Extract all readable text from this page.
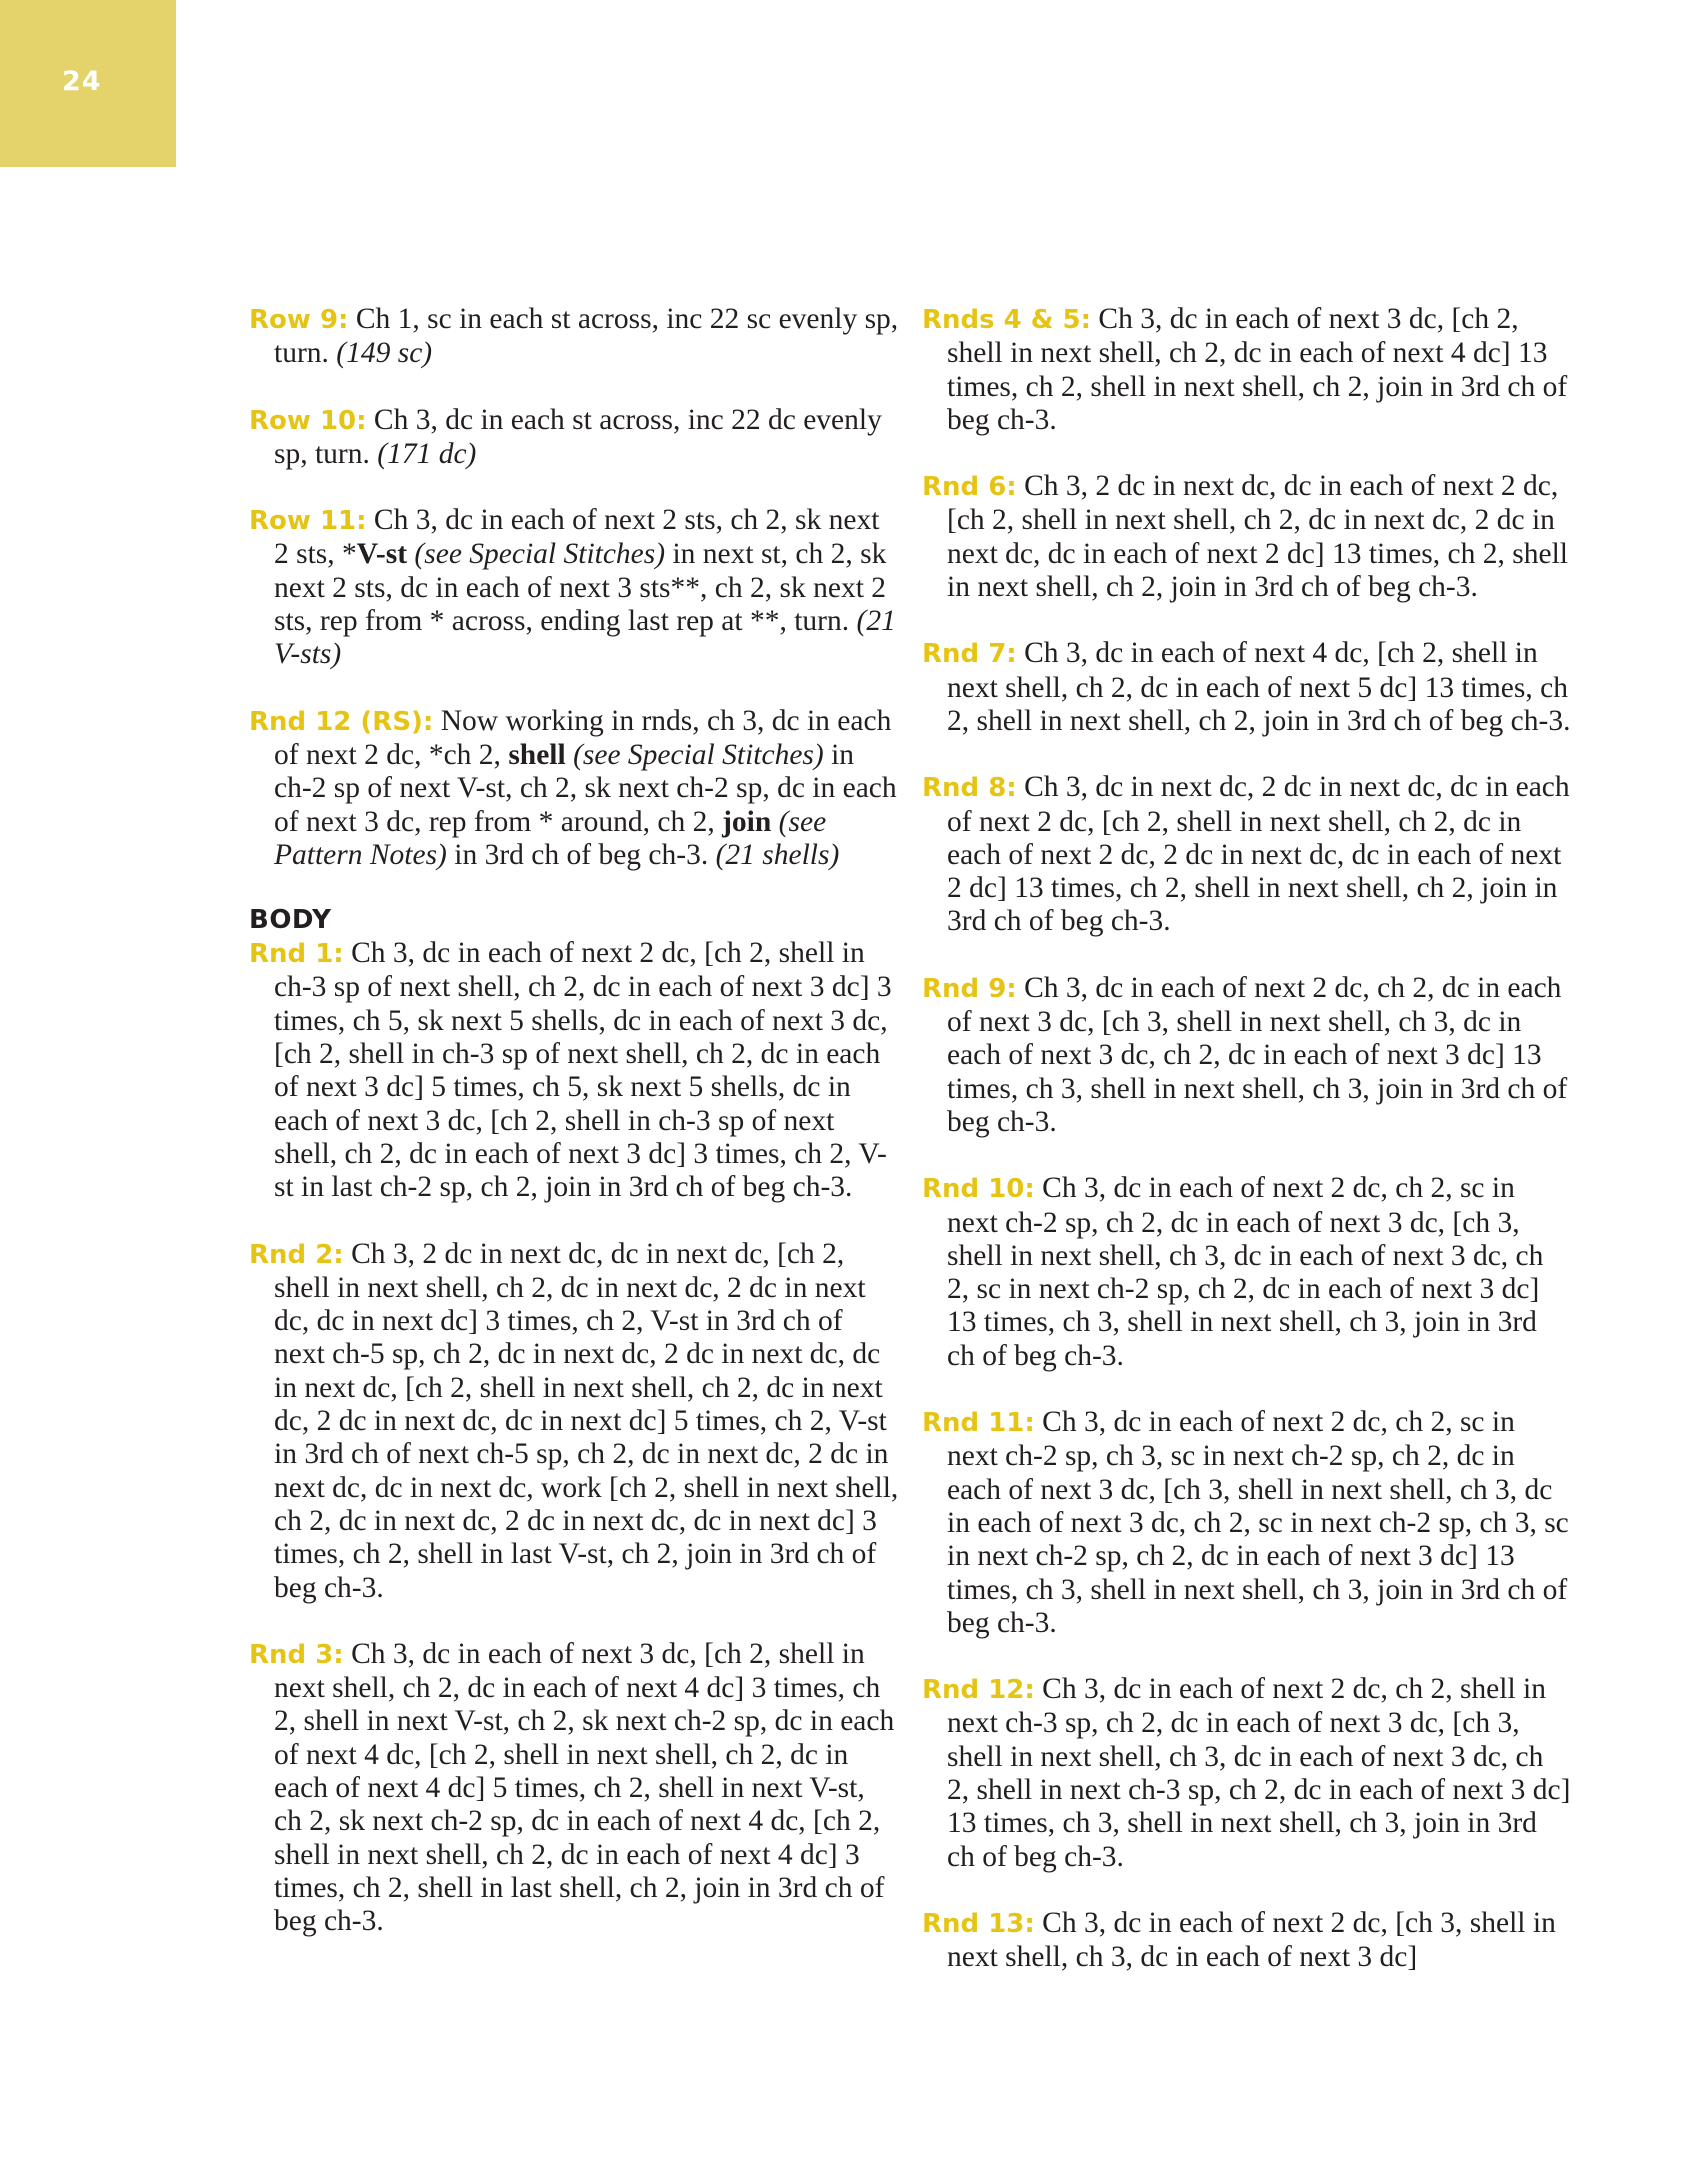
24

Row 9: Ch 1, sc in each st across, inc 22 sc evenly sp, turn. (149 sc)

Row 10: Ch 3, dc in each st across, inc 22 dc evenly sp, turn. (171 dc)

Row 11: Ch 3, dc in each of next 2 sts, ch 2, sk next 2 sts, *V-st (see Special Stitches) in next st, ch 2, sk next 2 sts, dc in each of next 3 sts**, ch 2, sk next 2 sts, rep from * across, ending last rep at **, turn. (21 V-sts)

Rnd 12 (RS): Now working in rnds, ch 3, dc in each of next 2 dc, *ch 2, shell (see Special Stitches) in ch-2 sp of next V-st, ch 2, sk next ch-2 sp, dc in each of next 3 dc, rep from * around, ch 2, join (see Pattern Notes) in 3rd ch of beg ch-3. (21 shells)

BODY

Rnd 1: Ch 3, dc in each of next 2 dc, [ch 2, shell in ch-3 sp of next shell, ch 2, dc in each of next 3 dc] 3 times, ch 5, sk next 5 shells, dc in each of next 3 dc, [ch 2, shell in ch-3 sp of next shell, ch 2, dc in each of next 3 dc] 5 times, ch 5, sk next 5 shells, dc in each of next 3 dc, [ch 2, shell in ch-3 sp of next shell, ch 2, dc in each of next 3 dc] 3 times, ch 2, V-st in last ch-2 sp, ch 2, join in 3rd ch of beg ch-3.

Rnd 2: Ch 3, 2 dc in next dc, dc in next dc, [ch 2, shell in next shell, ch 2, dc in next dc, 2 dc in next dc, dc in next dc] 3 times, ch 2, V-st in 3rd ch of next ch-5 sp, ch 2, dc in next dc, 2 dc in next dc, dc in next dc, [ch 2, shell in next shell, ch 2, dc in next dc, 2 dc in next dc, dc in next dc] 5 times, ch 2, V-st in 3rd ch of next ch-5 sp, ch 2, dc in next dc, 2 dc in next dc, dc in next dc, work [ch 2, shell in next shell, ch 2, dc in next dc, 2 dc in next dc, dc in next dc] 3 times, ch 2, shell in last V-st, ch 2, join in 3rd ch of beg ch-3.

Rnd 3: Ch 3, dc in each of next 3 dc, [ch 2, shell in next shell, ch 2, dc in each of next 4 dc] 3 times, ch 2, shell in next V-st, ch 2, sk next ch-2 sp, dc in each of next 4 dc, [ch 2, shell in next shell, ch 2, dc in each of next 4 dc] 5 times, ch 2, shell in next V-st, ch 2, sk next ch-2 sp, dc in each of next 4 dc, [ch 2, shell in next shell, ch 2, dc in each of next 4 dc] 3 times, ch 2, shell in last shell, ch 2, join in 3rd ch of beg ch-3.

Rnds 4 & 5: Ch 3, dc in each of next 3 dc, [ch 2, shell in next shell, ch 2, dc in each of next 4 dc] 13 times, ch 2, shell in next shell, ch 2, join in 3rd ch of beg ch-3.

Rnd 6: Ch 3, 2 dc in next dc, dc in each of next 2 dc, [ch 2, shell in next shell, ch 2, dc in next dc, 2 dc in next dc, dc in each of next 2 dc] 13 times, ch 2, shell in next shell, ch 2, join in 3rd ch of beg ch-3.

Rnd 7: Ch 3, dc in each of next 4 dc, [ch 2, shell in next shell, ch 2, dc in each of next 5 dc] 13 times, ch 2, shell in next shell, ch 2, join in 3rd ch of beg ch-3.

Rnd 8: Ch 3, dc in next dc, 2 dc in next dc, dc in each of next 2 dc, [ch 2, shell in next shell, ch 2, dc in each of next 2 dc, 2 dc in next dc, dc in each of next 2 dc] 13 times, ch 2, shell in next shell, ch 2, join in 3rd ch of beg ch-3.

Rnd 9: Ch 3, dc in each of next 2 dc, ch 2, dc in each of next 3 dc, [ch 3, shell in next shell, ch 3, dc in each of next 3 dc, ch 2, dc in each of next 3 dc] 13 times, ch 3, shell in next shell, ch 3, join in 3rd ch of beg ch-3.

Rnd 10: Ch 3, dc in each of next 2 dc, ch 2, sc in next ch-2 sp, ch 2, dc in each of next 3 dc, [ch 3, shell in next shell, ch 3, dc in each of next 3 dc, ch 2, sc in next ch-2 sp, ch 2, dc in each of next 3 dc] 13 times, ch 3, shell in next shell, ch 3, join in 3rd ch of beg ch-3.

Rnd 11: Ch 3, dc in each of next 2 dc, ch 2, sc in next ch-2 sp, ch 3, sc in next ch-2 sp, ch 2, dc in each of next 3 dc, [ch 3, shell in next shell, ch 3, dc in each of next 3 dc, ch 2, sc in next ch-2 sp, ch 3, sc in next ch-2 sp, ch 2, dc in each of next 3 dc] 13 times, ch 3, shell in next shell, ch 3, join in 3rd ch of beg ch-3.

Rnd 12: Ch 3, dc in each of next 2 dc, ch 2, shell in next ch-3 sp, ch 2, dc in each of next 3 dc, [ch 3, shell in next shell, ch 3, dc in each of next 3 dc, ch 2, shell in next ch-3 sp, ch 2, dc in each of next 3 dc] 13 times, ch 3, shell in next shell, ch 3, join in 3rd ch of beg ch-3.

Rnd 13: Ch 3, dc in each of next 2 dc, [ch 3, shell in next shell, ch 3, dc in each of next 3 dc]
